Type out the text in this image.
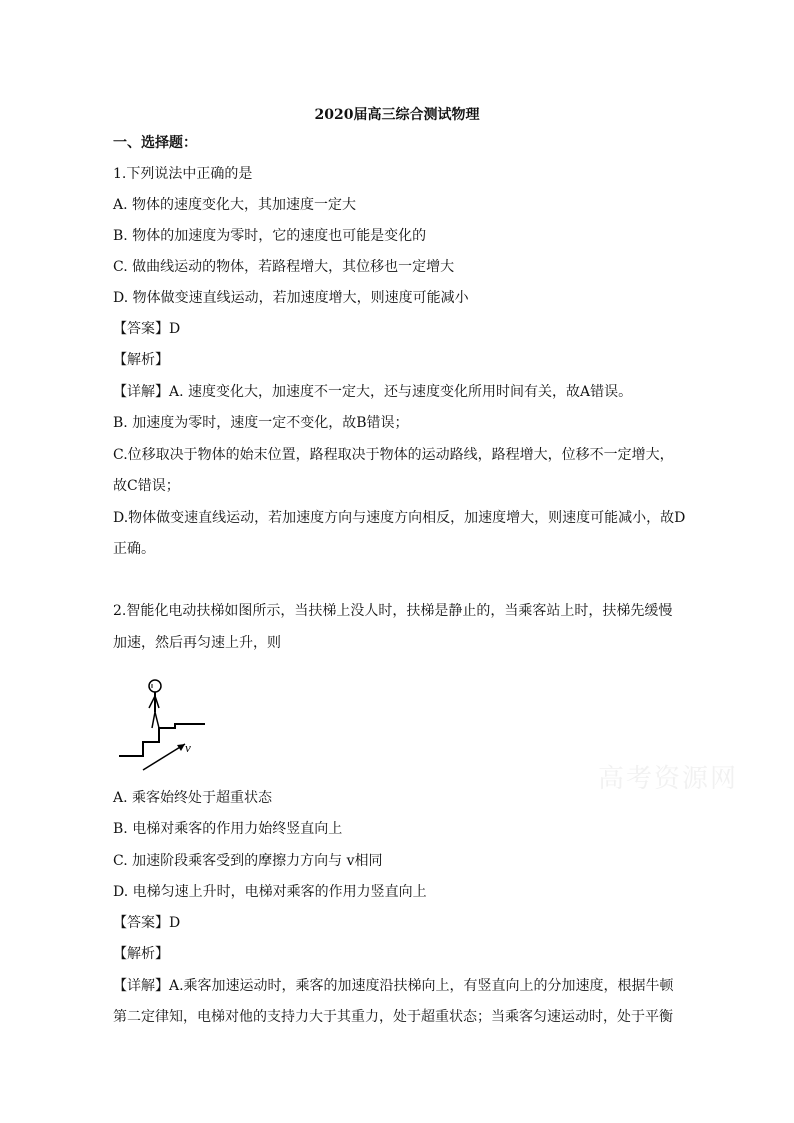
2020届高三综合测试物理
一、选择题：
1.下列说法中正确的是
A. 物体的速度变化大，其加速度一定大
B. 物体的加速度为零时，它的速度也可能是变化的
C. 做曲线运动的物体，若路程增大，其位移也一定增大
D. 物体做变速直线运动，若加速度增大，则速度可能减小
【答案】D
【解析】
【详解】A. 速度变化大，加速度不一定大，还与速度变化所用时间有关，故A错误。
B. 加速度为零时，速度一定不变化，故B错误；
C.位移取决于物体的始末位置，路程取决于物体的运动路线，路程增大，位移不一定增大，
故C错误；
D.物体做变速直线运动，若加速度方向与速度方向相反，加速度增大，则速度可能减小，故D
正确。
2.智能化电动扶梯如图所示，当扶梯上没人时，扶梯是静止的，当乘客站上时，扶梯先缓慢
加速，然后再匀速上升，则
v
高考资源网
A. 乘客始终处于超重状态
B. 电梯对乘客的作用力始终竖直向上
C. 加速阶段乘客受到的摩擦力方向与 v相同
D. 电梯匀速上升时，电梯对乘客的作用力竖直向上
【答案】D
【解析】
【详解】A.乘客加速运动时，乘客的加速度沿扶梯向上，有竖直向上的分加速度，根据牛顿
第二定律知，电梯对他的支持力大于其重力，处于超重状态；当乘客匀速运动时，处于平衡
